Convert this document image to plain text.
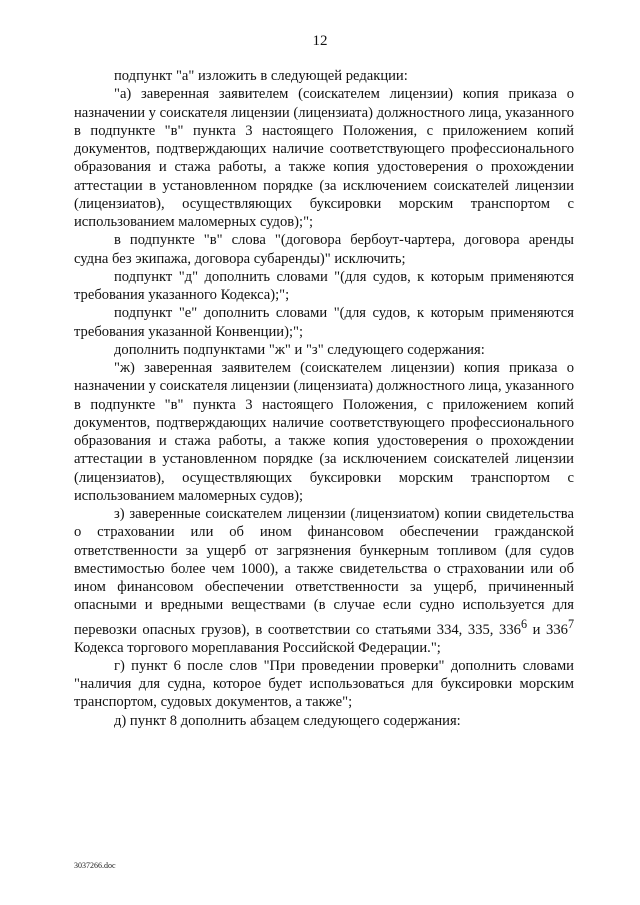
12

подпункт "а" изложить в следующей редакции:

"а) заверенная заявителем (соискателем лицензии) копия приказа о назначении у соискателя лицензии (лицензиата) должностного лица, указанного в подпункте "в" пункта 3 настоящего Положения, с приложением копий документов, подтверждающих наличие соответствующего профессионального образования и стажа работы, а также копия удостоверения о прохождении аттестации в установленном порядке (за исключением соискателей лицензии (лицензиатов), осуществляющих буксировки морским транспортом с использованием маломерных судов);";

в подпункте "в" слова "(договора бербоут-чартера, договора аренды судна без экипажа, договора субаренды)" исключить;

подпункт "д" дополнить словами "(для судов, к которым применяются требования указанного Кодекса);";

подпункт "е" дополнить словами "(для судов, к которым применяются требования указанной Конвенции);";

дополнить подпунктами "ж" и "з" следующего содержания:

"ж) заверенная заявителем (соискателем лицензии) копия приказа о назначении у соискателя лицензии (лицензиата) должностного лица, указанного в подпункте "в" пункта 3 настоящего Положения, с приложением копий документов, подтверждающих наличие соответствующего профессионального образования и стажа работы, а также копия удостоверения о прохождении аттестации в установленном порядке (за исключением соискателей лицензии (лицензиатов), осуществляющих буксировки морским транспортом с использованием маломерных судов);

з) заверенные соискателем лицензии (лицензиатом) копии свидетельства о страховании или об ином финансовом обеспечении гражданской ответственности за ущерб от загрязнения бункерным топливом (для судов вместимостью более чем 1000), а также свидетельства о страховании или об ином финансовом обеспечении ответственности за ущерб, причиненный опасными и вредными веществами (в случае если судно используется для перевозки опасных грузов), в соответствии со статьями 334, 335, $336^6$ и $336^7$ Кодекса торгового мореплавания Российской Федерации.";

г) пункт 6 после слов "При проведении проверки" дополнить словами "наличия для судна, которое будет использоваться для буксировки морским транспортом, судовых документов, а также";

д) пункт 8 дополнить абзацем следующего содержания:

3037266.doc
